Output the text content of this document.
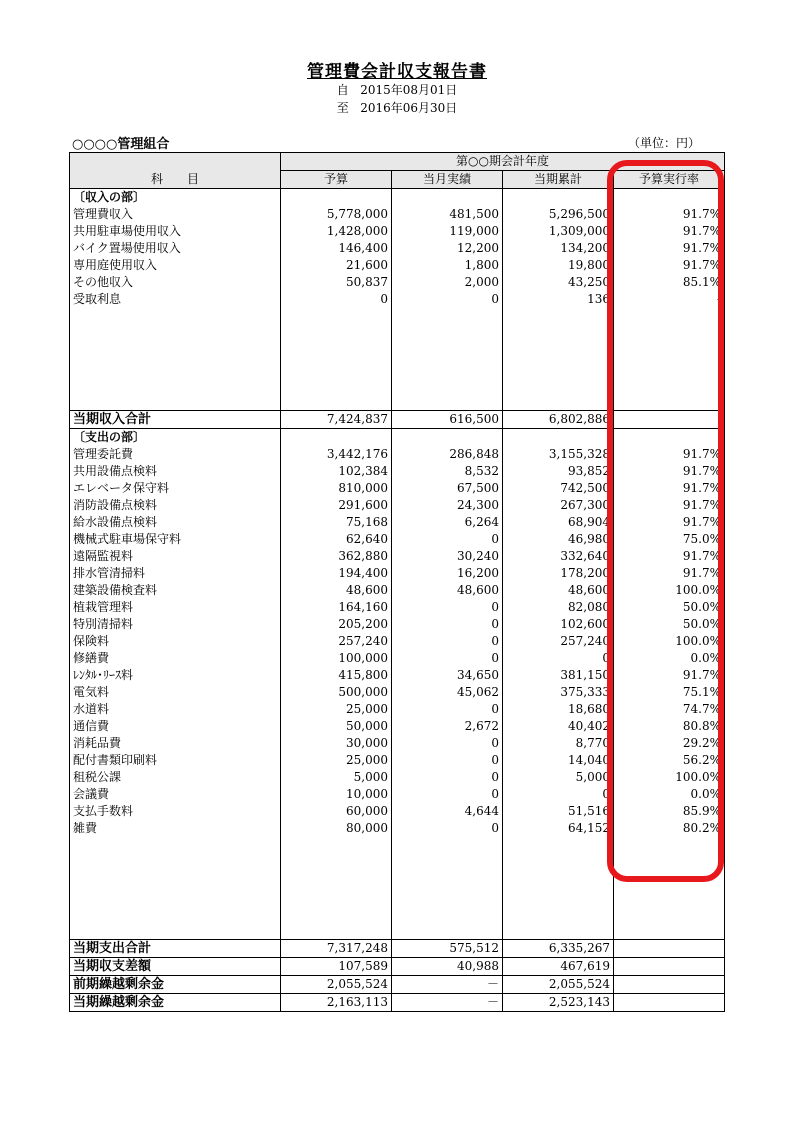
管理費会計収支報告書
自 2015年08月01日
至 2016年06月30日
○○○○管理組合	（単位：円）
	第○○期会計年度			
科　　目	予算	当月実績	当期累計	予算実行率
〔収入の部〕				
管理費収入	5,778,000	481,500	5,296,500	91.7%
共用駐車場使用収入	1,428,000	119,000	1,309,000	91.7%
バイク置場使用収入	146,400	12,200	134,200	91.7%
専用庭使用収入	21,600	1,800	19,800	91.7%
その他収入	50,837	2,000	43,250	85.1%
受取利息	0	0	136	-

当期収入合計	7,424,837	616,500	6,802,886	
〔支出の部〕				
管理委託費	3,442,176	286,848	3,155,328	91.7%
共用設備点検料	102,384	8,532	93,852	91.7%
エレベータ保守料	810,000	67,500	742,500	91.7%
消防設備点検料	291,600	24,300	267,300	91.7%
給水設備点検料	75,168	6,264	68,904	91.7%
機械式駐車場保守料	62,640	0	46,980	75.0%
遠隔監視料	362,880	30,240	332,640	91.7%
排水管清掃料	194,400	16,200	178,200	91.7%
建築設備検査料	48,600	48,600	48,600	100.0%
植栽管理料	164,160	0	82,080	50.0%
特別清掃料	205,200	0	102,600	50.0%
保険料	257,240	0	257,240	100.0%
修繕費	100,000	0	0	0.0%
ﾚﾝﾀﾙ･ﾘｰｽ料	415,800	34,650	381,150	91.7%
電気料	500,000	45,062	375,333	75.1%
水道料	25,000	0	18,680	74.7%
通信費	50,000	2,672	40,402	80.8%
消耗品費	30,000	0	8,770	29.2%
配付書類印刷料	25,000	0	14,040	56.2%
租税公課	5,000	0	5,000	100.0%
会議費	10,000	0	0	0.0%
支払手数料	60,000	4,644	51,516	85.9%
雑費	80,000	0	64,152	80.2%

当期支出合計	7,317,248	575,512	6,335,267	
当期収支差額	107,589	40,988	467,619	
前期繰越剰余金	2,055,524	－	2,055,524	
当期繰越剰余金	2,163,113	－	2,523,143	
